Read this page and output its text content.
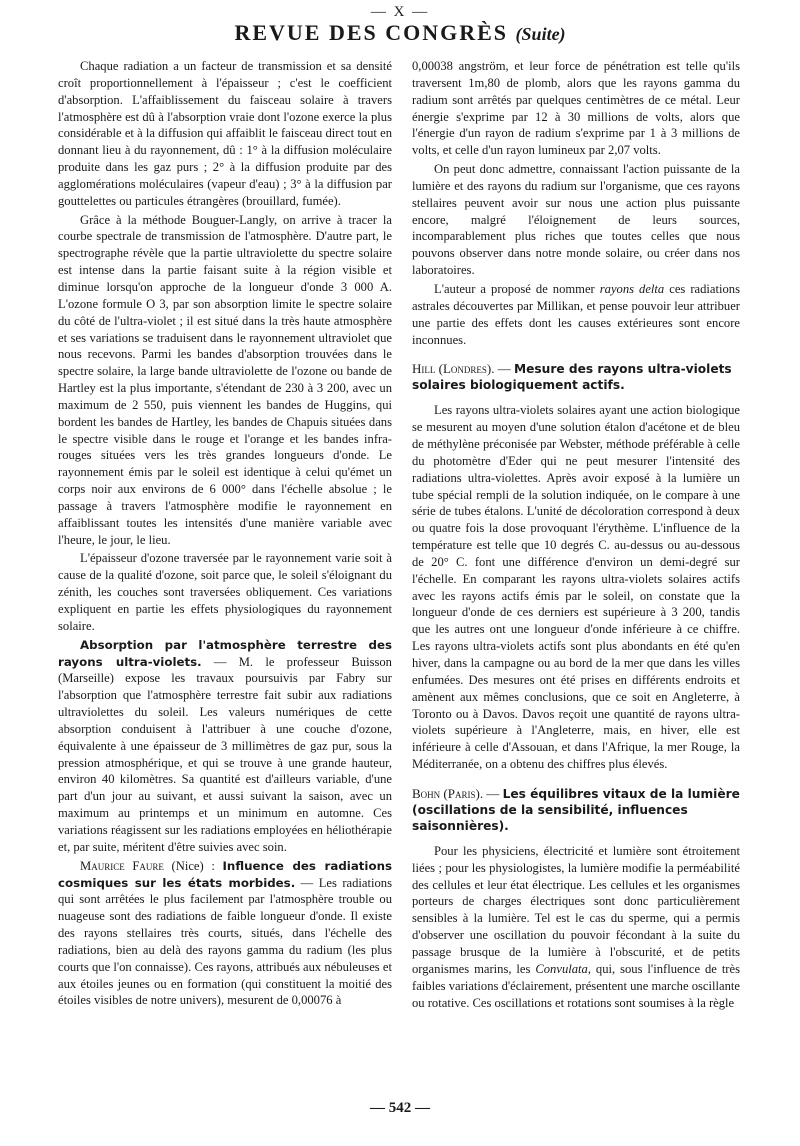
— X —
REVUE DES CONGRÈS (Suite)

Chaque radiation a un facteur de transmission et sa densité croît proportionnellement à l'épaisseur ; c'est le coefficient d'absorption. L'affaiblissement du faisceau solaire à travers l'atmosphère est dû à l'absorption vraie dont l'ozone exerce la plus considérable et à la diffusion qui affaiblit le faisceau direct tout en donnant lieu à du rayonnement, dû : 1° à la diffusion moléculaire produite dans les gaz purs ; 2° à la diffusion produite par des agglomérations moléculaires (vapeur d'eau) ; 3° à la diffusion par gouttelettes ou particules étrangères (brouillard, fumée).

Grâce à la méthode Bouguer-Langly, on arrive à tracer la courbe spectrale de transmission de l'atmosphère. D'autre part, le spectrographe révèle que la partie ultraviolette du spectre solaire est intense dans la partie faisant suite à la région visible et diminue lorsqu'on approche de la longueur d'onde 3 000 A. L'ozone formule O 3, par son absorption limite le spectre solaire du côté de l'ultra-violet ; il est situé dans la très haute atmosphère et ses variations se traduisent dans le rayonnement ultraviolet que nous recevons. Parmi les bandes d'absorption trouvées dans le spectre solaire, la large bande ultraviolette de l'ozone ou bande de Hartley est la plus importante, s'étendant de 230 à 3 200, avec un maximum de 2 550, puis viennent les bandes de Huggins, qui bordent les bandes de Hartley, les bandes de Chapuis situées dans le spectre visible dans le rouge et l'orange et les bandes infra-rouges situées vers les très grandes longueurs d'onde. Le rayonnement émis par le soleil est identique à celui qu'émet un corps noir aux environs de 6 000° dans l'échelle absolue ; le passage à travers l'atmosphère modifie le rayonnement en affaiblissant toutes les intensités d'une manière variable avec l'heure, le jour, le lieu.

L'épaisseur d'ozone traversée par le rayonnement varie soit à cause de la qualité d'ozone, soit parce que, le soleil s'éloignant du zénith, les couches sont traversées obliquement. Ces variations expliquent en partie les effets physiologiques du rayonnement solaire.

Absorption par l'atmosphère terrestre des rayons ultra-violets. — M. le professeur Buisson (Marseille) expose les travaux poursuivis par Fabry sur l'absorption que l'atmosphère terrestre fait subir aux radiations ultraviolettes du soleil. Les valeurs numériques de cette absorption conduisent à l'attribuer à une couche d'ozone, équivalente à une épaisseur de 3 millimètres de gaz pur, sous la pression atmosphérique, et qui se trouve à une grande hauteur, environ 40 kilomètres. Sa quantité est d'ailleurs variable, d'une part d'un jour au suivant, et aussi suivant la saison, avec un maximum au printemps et un minimum en automne. Ces variations réagissent sur les radiations employées en héliothérapie et, par suite, méritent d'être suivies avec soin.

Maurice Faure (Nice) : Influence des radiations cosmiques sur les états morbides. — Les radiations qui sont arrêtées le plus facilement par l'atmosphère trouble ou nuageuse sont des radiations de faible longueur d'onde. Il existe des rayons stellaires très courts, situés, dans l'échelle des radiations, bien au delà des rayons gamma du radium (les plus courts que l'on connaisse). Ces rayons, attribués aux nébuleuses et aux étoiles jeunes ou en formation (qui constituent la moitié des étoiles visibles de notre univers), mesurent de 0,00076 à

0,00038 angström, et leur force de pénétration est telle qu'ils traversent 1m,80 de plomb, alors que les rayons gamma du radium sont arrêtés par quelques centimètres de ce métal. Leur énergie s'exprime par 12 à 30 millions de volts, alors que l'énergie d'un rayon de radium s'exprime par 1 à 3 millions de volts, et celle d'un rayon lumineux par 2,07 volts.

On peut donc admettre, connaissant l'action puissante de la lumière et des rayons du radium sur l'organisme, que ces rayons stellaires peuvent avoir sur nous une action plus puissante encore, malgré l'éloignement de leurs sources, incomparablement plus riches que toutes celles que nous pouvons observer dans notre monde solaire, ou créer dans nos laboratoires.

L'auteur a proposé de nommer rayons delta ces radiations astrales découvertes par Millikan, et pense pouvoir leur attribuer une partie des effets dont les causes extérieures sont encore inconnues.

Hill (Londres). — Mesure des rayons ultra-violets solaires biologiquement actifs.

Les rayons ultra-violets solaires ayant une action biologique se mesurent au moyen d'une solution étalon d'acétone et de bleu de méthylène préconisée par Webster, méthode préférable à celle du photomètre d'Eder qui ne peut mesurer l'intensité des radiations ultra-violettes. Après avoir exposé à la lumière un tube spécial rempli de la solution indiquée, on le compare à une série de tubes étalons. L'unité de décoloration correspond à deux ou quatre fois la dose provoquant l'érythème. L'influence de la température est telle que 10 degrés C. au-dessus ou au-dessous de 20° C. font une différence d'environ un demi-degré sur l'échelle. En comparant les rayons ultra-violets solaires actifs avec les rayons actifs émis par le soleil, on constate que la longueur d'onde de ces derniers est supérieure à 3 200, tandis que les autres ont une longueur d'onde inférieure à ce chiffre. Les rayons ultra-violets actifs sont plus abondants en été qu'en hiver, dans la campagne ou au bord de la mer que dans les villes enfumées. Des mesures ont été prises en différents endroits et amènent aux mêmes conclusions, que ce soit en Angleterre, à Toronto ou à Davos. Davos reçoit une quantité de rayons ultra-violets supérieure à l'Angleterre, mais, en hiver, elle est inférieure à celle d'Assouan, et dans l'Afrique, la mer Rouge, la Méditerranée, on a obtenu des chiffres plus élevés.

Bohn (Paris). — Les équilibres vitaux de la lumière (oscillations de la sensibilité, influences saisonnières).

Pour les physiciens, électricité et lumière sont étroitement liées ; pour les physiologistes, la lumière modifie la perméabilité des cellules et leur état électrique. Les cellules et les organismes porteurs de charges électriques sont donc particulièrement sensibles à la lumière. Tel est le cas du sperme, qui a permis d'observer une oscillation du pouvoir fécondant à la suite du passage brusque de la lumière à l'obscurité, et de petits organismes marins, les Convulata, qui, sous l'influence de très faibles variations d'éclairement, présentent une marche oscillante ou rotative. Ces oscillations et rotations sont soumises à la règle

— 542 —
